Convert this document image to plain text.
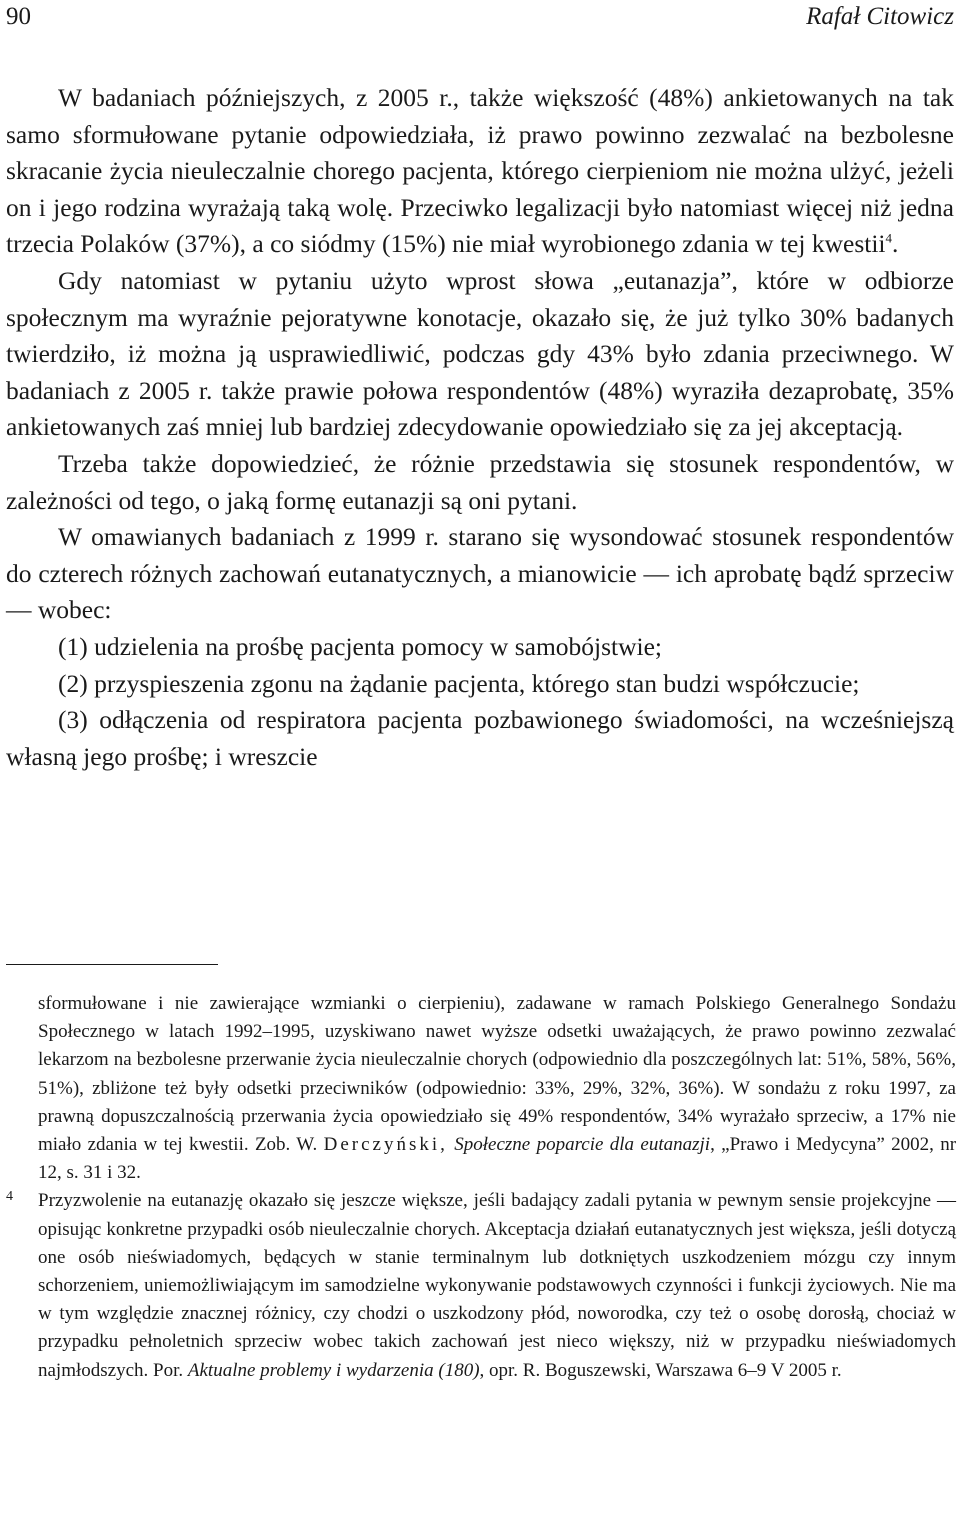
90	Rafał Citowicz

W badaniach późniejszych, z 2005 r., także większość (48%) ankietowanych na tak samo sformułowane pytanie odpowiedziała, iż prawo powinno zezwalać na bezbolesne skracanie życia nieuleczalnie chorego pacjenta, którego cierpieniom nie można ulżyć, jeżeli on i jego rodzina wyrażają taką wolę. Przeciwko legalizacji było natomiast więcej niż jedna trzecia Polaków (37%), a co siódmy (15%) nie miał wyrobionego zdania w tej kwestii$^4$.

Gdy natomiast w pytaniu użyto wprost słowa „eutanazja”, które w odbiorze społecznym ma wyraźnie pejoratywne konotacje, okazało się, że już tylko 30% badanych twierdziło, iż można ją usprawiedliwić, podczas gdy 43% było zdania przeciwnego. W badaniach z 2005 r. także prawie połowa respondentów (48%) wyraziła dezaprobatę, 35% ankietowanych zaś mniej lub bardziej zdecydowanie opowiedziało się za jej akceptacją.

Trzeba także dopowiedzieć, że różnie przedstawia się stosunek respondentów, w zależności od tego, o jaką formę eutanazji są oni pytani.

W omawianych badaniach z 1999 r. starano się wysondować stosunek respondentów do czterech różnych zachowań eutanatycznych, a mianowicie — ich aprobatę bądź sprzeciw — wobec:

(1) udzielenia na prośbę pacjenta pomocy w samobójstwie;

(2) przyspieszenia zgonu na żądanie pacjenta, którego stan budzi współczucie;

(3) odłączenia od respiratora pacjenta pozbawionego świadomości, na wcześniejszą własną jego prośbę; i wreszcie

sformułowane i nie zawierające wzmianki o cierpieniu), zadawane w ramach Polskiego Generalnego Sondażu Społecznego w latach 1992–1995, uzyskiwano nawet wyższe odsetki uważających, że prawo powinno zezwalać lekarzom na bezbolesne przerwanie życia nieuleczalnie chorych (odpowiednio dla poszczególnych lat: 51%, 58%, 56%, 51%), zbliżone też były odsetki przeciwników (odpowiednio: 33%, 29%, 32%, 36%). W sondażu z roku 1997, za prawną dopuszczalnością przerwania życia opowiedziało się 49% respondentów, 34% wyrażało sprzeciw, a 17% nie miało zdania w tej kwestii. Zob. W. Derczyński, Społeczne poparcie dla eutanazji, „Prawo i Medycyna” 2002, nr 12, s. 31 i 32.

4 Przyzwolenie na eutanazję okazało się jeszcze większe, jeśli badający zadali pytania w pewnym sensie projekcyjne — opisując konkretne przypadki osób nieuleczalnie chorych. Akceptacja działań eutanatycznych jest większa, jeśli dotyczą one osób nieświadomych, będących w stanie terminalnym lub dotkniętych uszkodzeniem mózgu czy innym schorzeniem, uniemożliwiającym im samodzielne wykonywanie podstawowych czynności i funkcji życiowych. Nie ma w tym względzie znacznej różnicy, czy chodzi o uszkodzony płód, noworodka, czy też o osobę dorosłą, chociaż w przypadku pełnoletnich sprzeciw wobec takich zachowań jest nieco większy, niż w przypadku nieświadomych najmłodszych. Por. Aktualne problemy i wydarzenia (180), opr. R. Boguszewski, Warszawa 6–9 V 2005 r.
